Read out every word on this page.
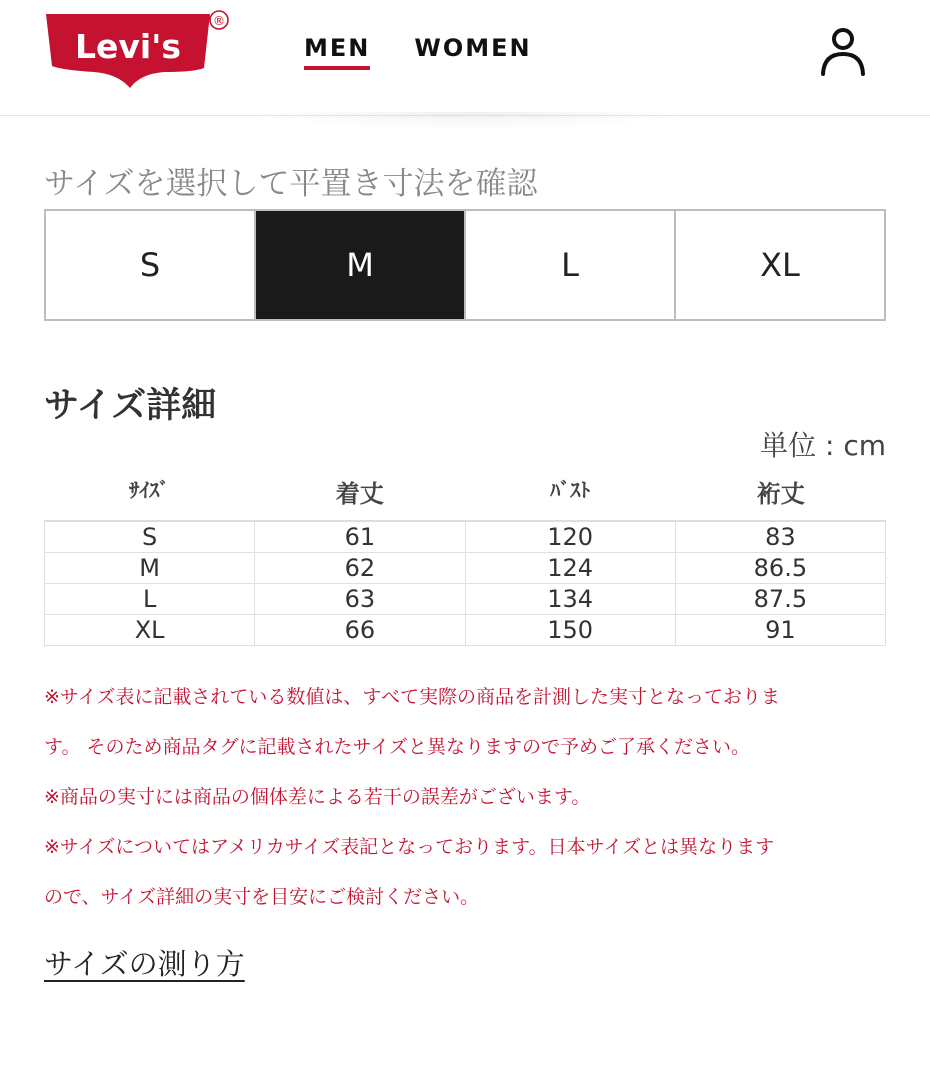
Levi's
®
MEN WOMEN
サイズを選択して平置き寸法を確認
S	M	L	XL
サイズ詳細
単位 : cm
ｻｲｽﾞ	着丈	ﾊﾞｽﾄ	裄丈
S	61	120	83
M	62	124	86.5
L	63	134	87.5
XL	66	150	91

※サイズ表に記載されている数値は、すべて実際の商品を計測した実寸となっておりま

す。 そのため商品タグに記載されたサイズと異なりますので予めご了承ください。

※商品の実寸には商品の個体差による若干の誤差がございます。

※サイズについてはアメリカサイズ表記となっております。日本サイズとは異なります

ので、サイズ詳細の実寸を目安にご検討ください。

サイズの測り方
